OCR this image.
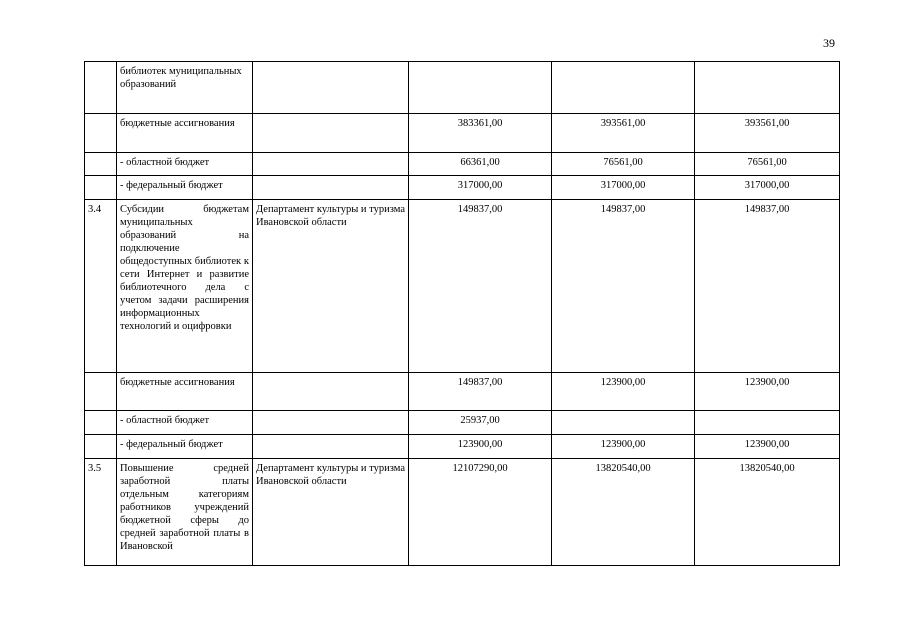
39
	библиотек муниципальных образований				
	бюджетные ассигнования		383361,00	393561,00	393561,00
	- областной бюджет		66361,00	76561,00	76561,00
	- федеральный бюджет		317000,00	317000,00	317000,00
3.4	Субсидии бюджетам муниципальных образований на подключение общедоступных библиотек к сети Интернет и развитие библиотечного дела с учетом задачи расширения информационных технологий и оцифровки	Департамент культуры и туризма Ивановской области	149837,00	149837,00	149837,00
	бюджетные ассигнования		149837,00	123900,00	123900,00
	- областной бюджет		25937,00		
	- федеральный бюджет		123900,00	123900,00	123900,00
3.5	Повышение средней заработной платы отдельным категориям работников учреждений бюджетной сферы до средней заработной платы в Ивановской	Департамент культуры и туризма Ивановской области	12107290,00	13820540,00	13820540,00
